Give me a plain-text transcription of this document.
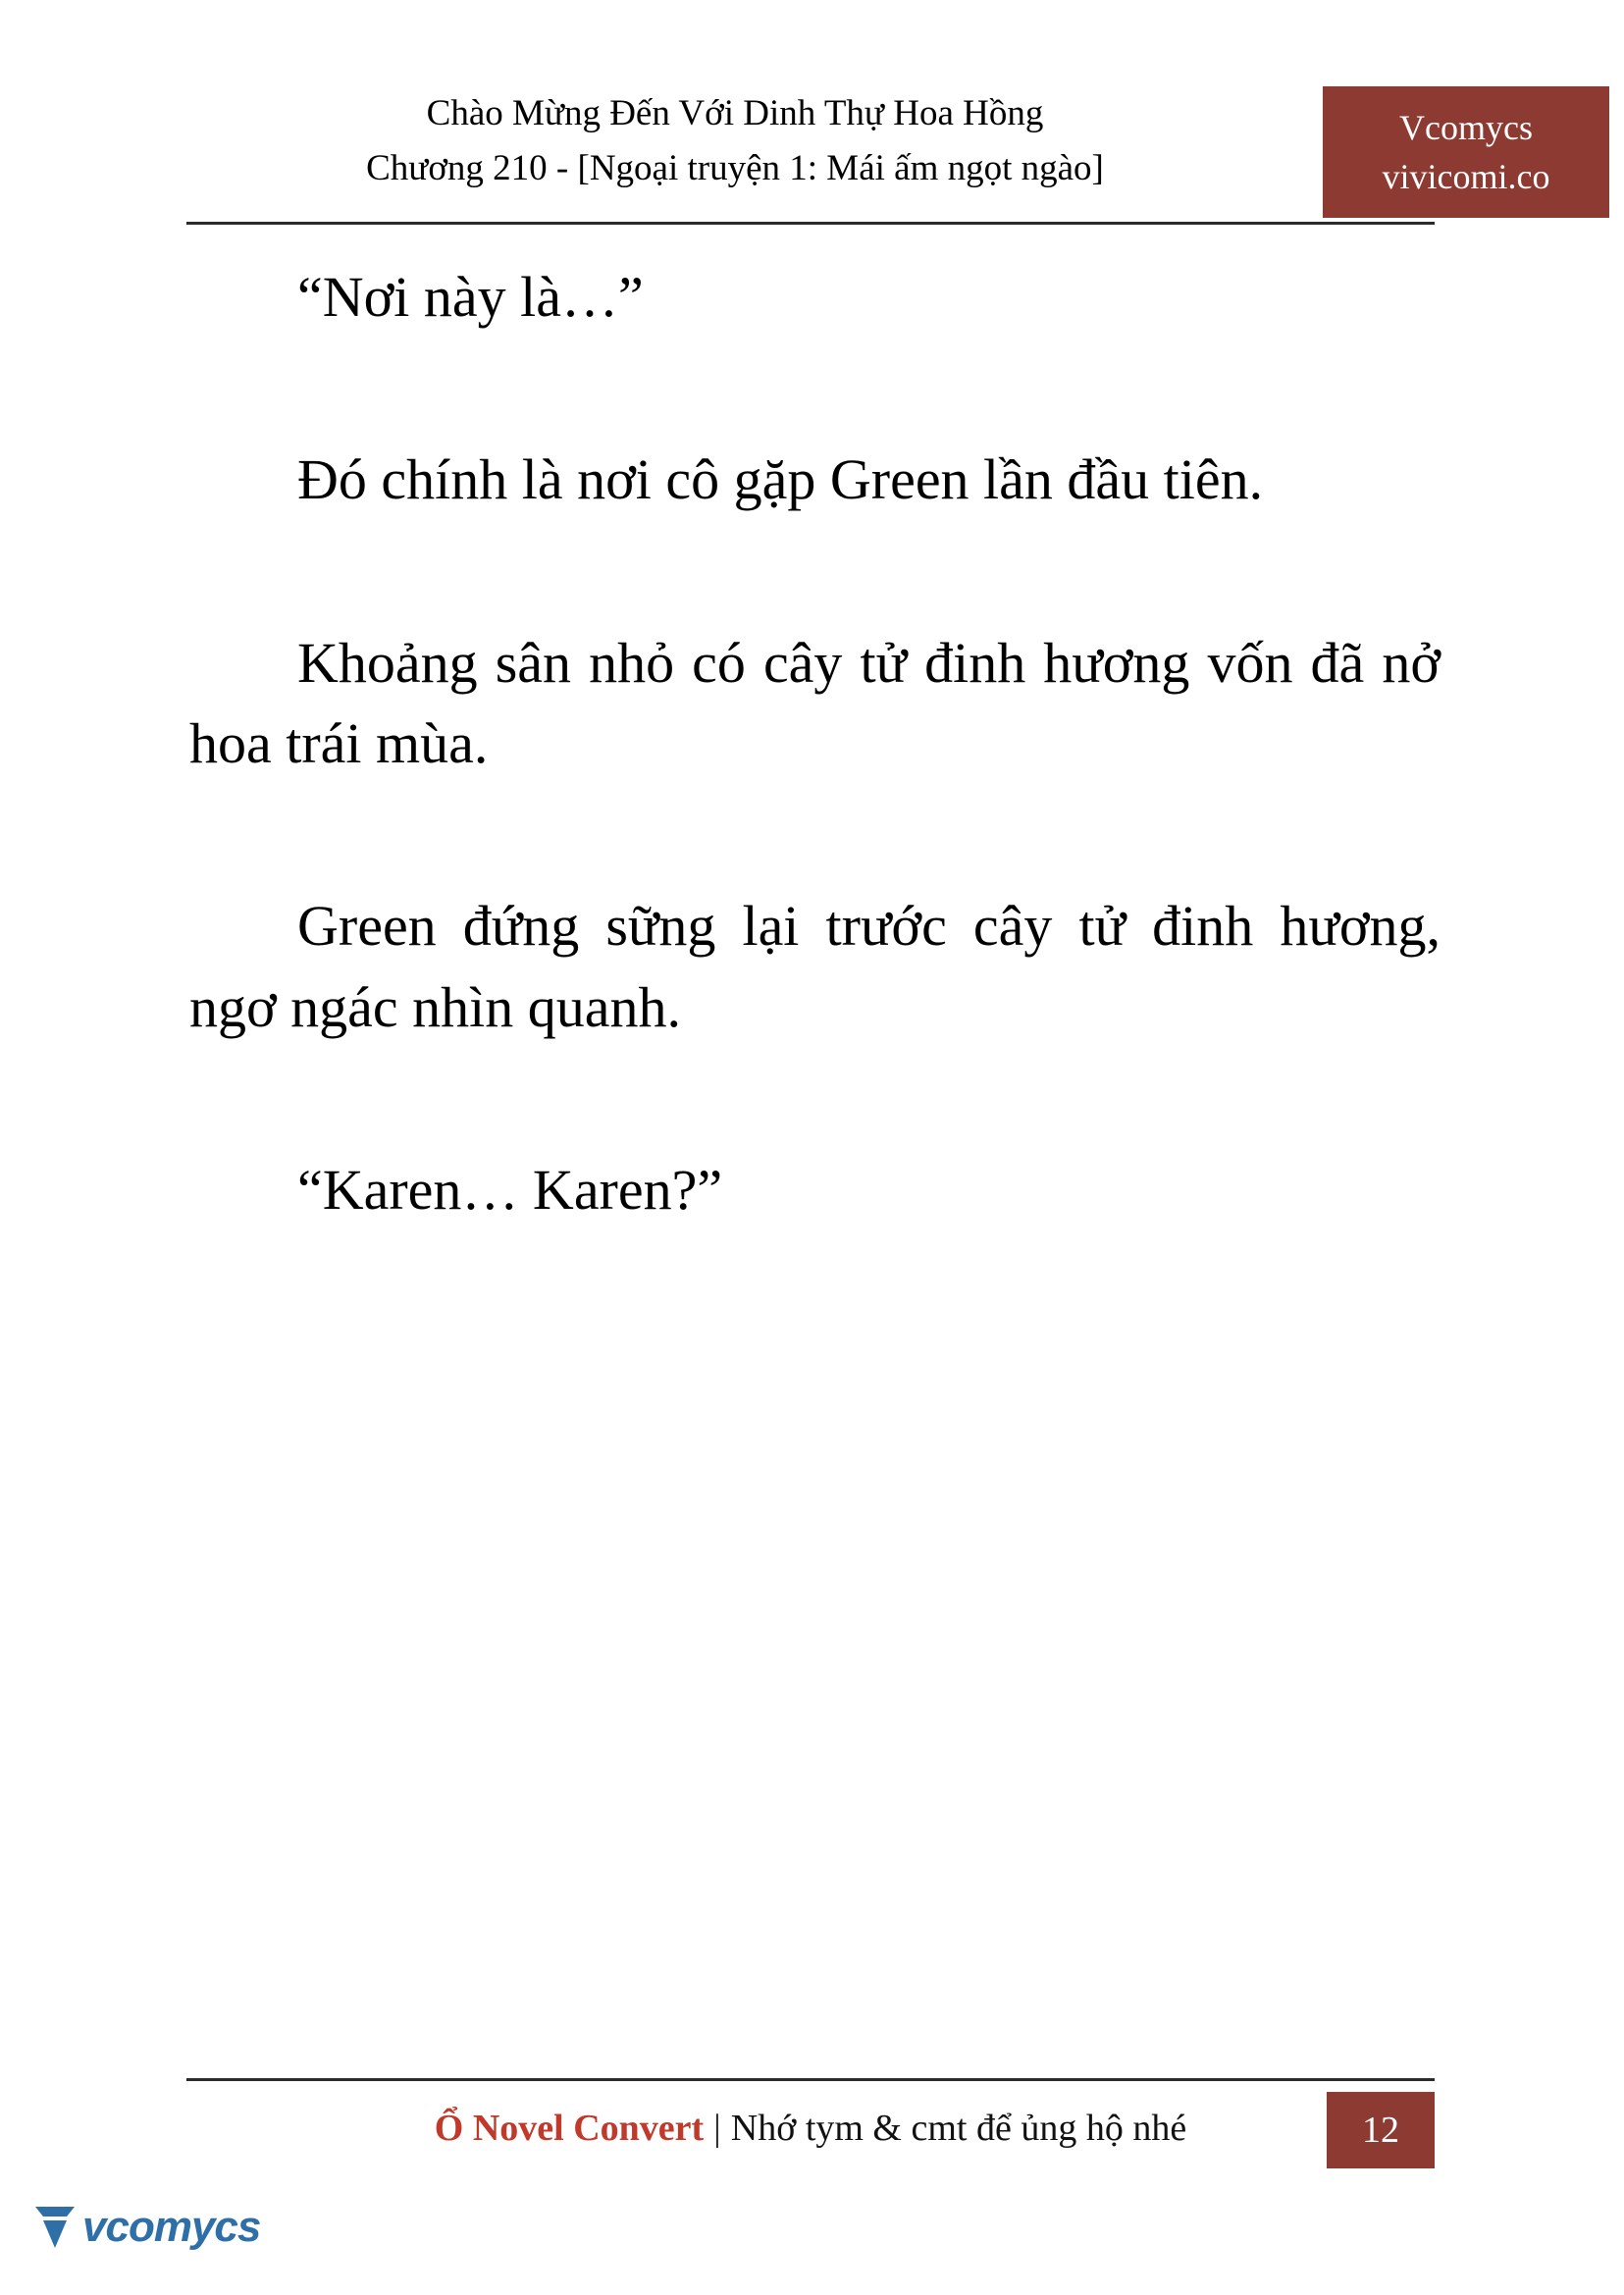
Chào Mừng Đến Với Dinh Thự Hoa Hồng
Chương 210 - [Ngoại truyện 1: Mái ấm ngọt ngào]
Vcomycs
vivicomi.co

“Nơi này là…”

Đó chính là nơi cô gặp Green lần đầu tiên.

Khoảng sân nhỏ có cây tử đinh hương vốn đã nở hoa trái mùa.

Green đứng sững lại trước cây tử đinh hương, ngơ ngác nhìn quanh.

“Karen… Karen?”

Ổ Novel Convert | Nhớ tym & cmt để ủng hộ nhé	12
vcomycs
